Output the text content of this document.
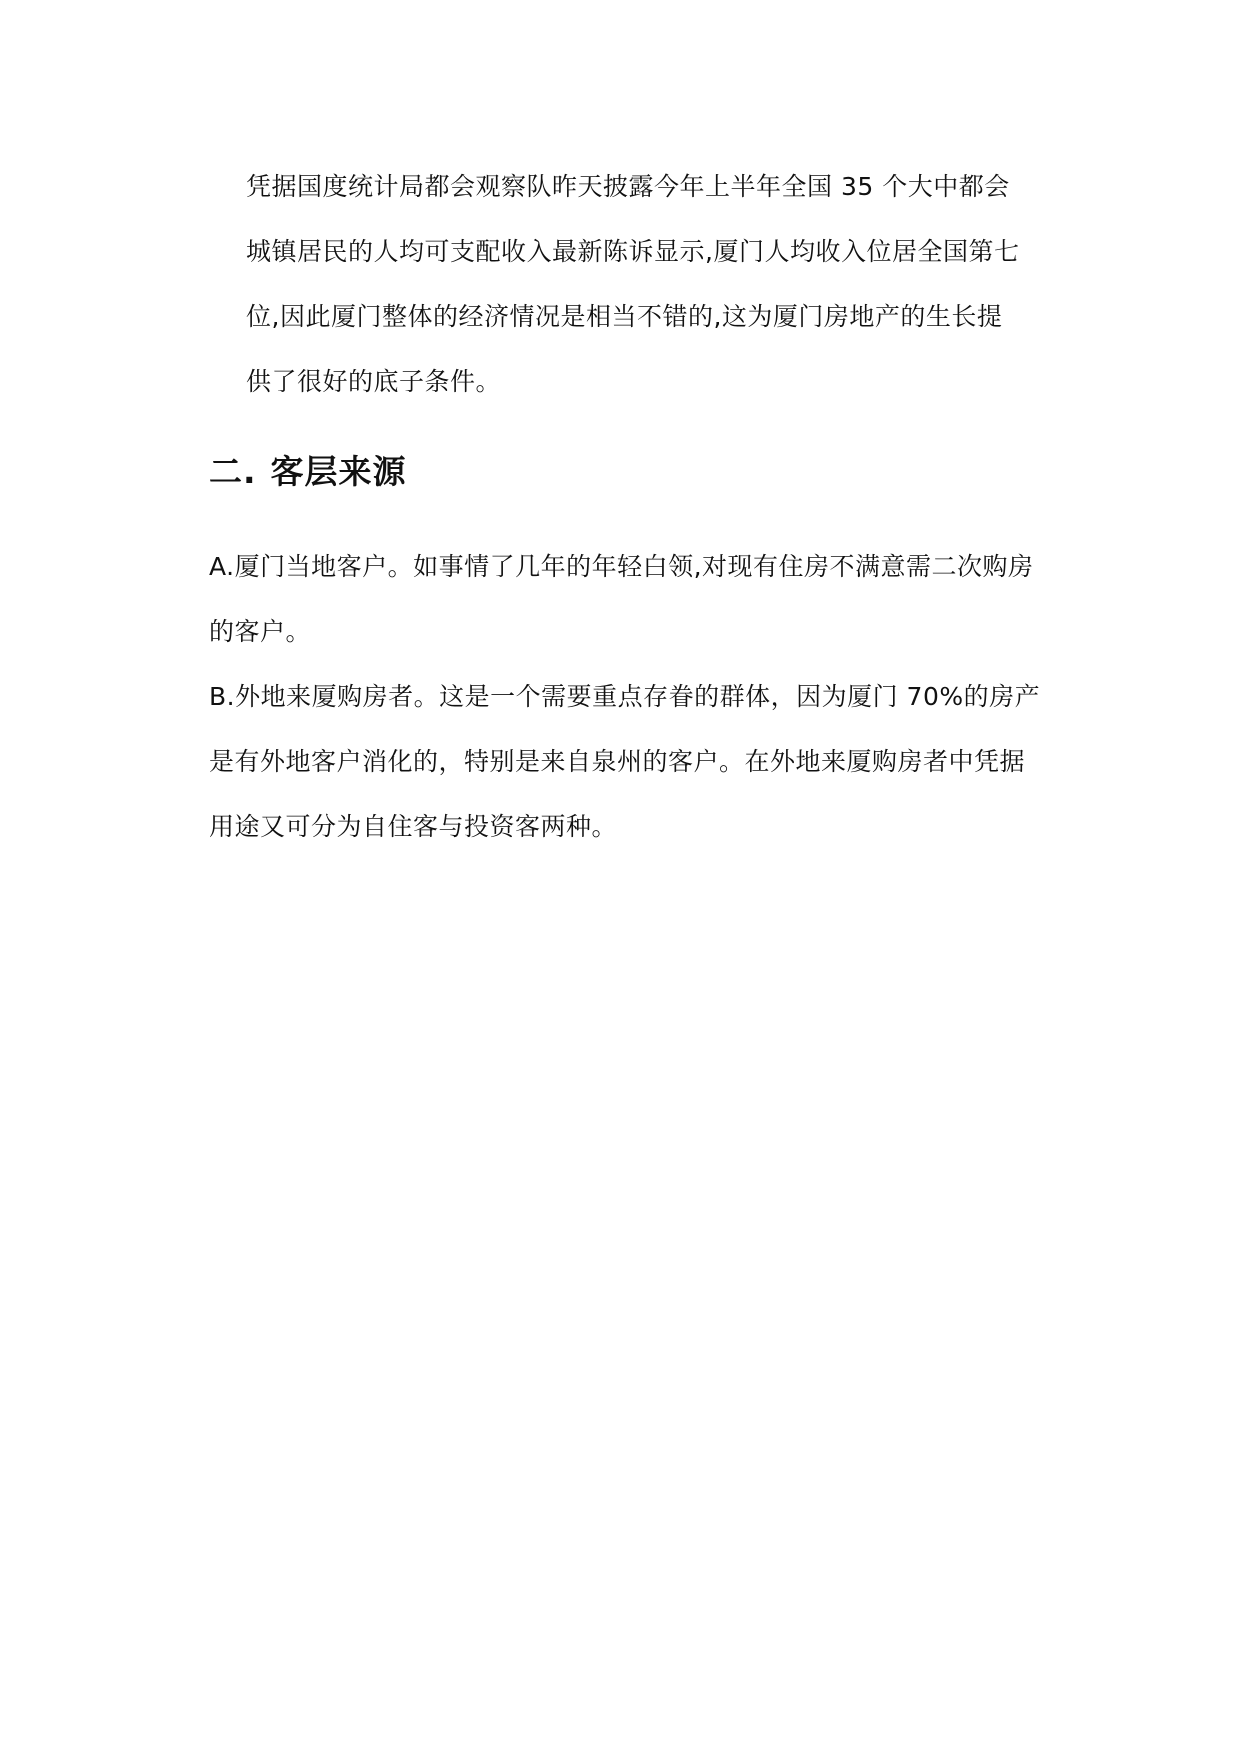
凭据国度统计局都会观察队昨天披露今年上半年全国 35 个大中都会
城镇居民的人均可支配收入最新陈诉显示,厦门人均收入位居全国第七
位,因此厦门整体的经济情况是相当不错的,这为厦门房地产的生长提
供了很好的底子条件。
二. 客层来源
A.厦门当地客户。如事情了几年的年轻白领,对现有住房不满意需二次购房
的客户。
B.外地来厦购房者。这是一个需要重点存眷的群体，因为厦门 70%的房产
是有外地客户消化的，特别是来自泉州的客户。在外地来厦购房者中凭据
用途又可分为自住客与投资客两种。
